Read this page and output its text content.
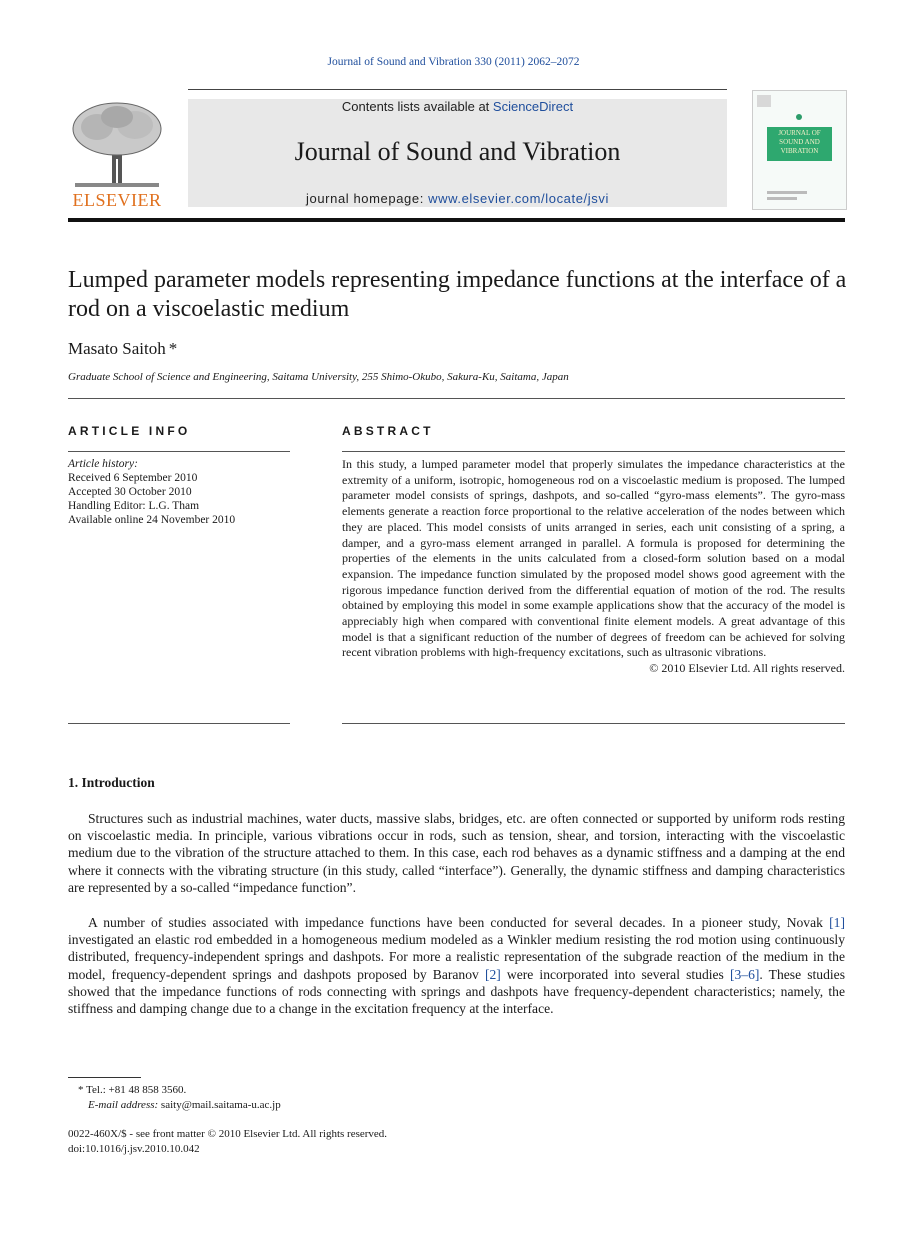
Journal of Sound and Vibration 330 (2011) 2062–2072
ELSEVIER
Contents lists available at ScienceDirect
Journal of Sound and Vibration
journal homepage: www.elsevier.com/locate/jsvi
JOURNAL OF SOUND AND VIBRATION
Lumped parameter models representing impedance functions at the interface of a rod on a viscoelastic medium
Masato Saitoh *
Graduate School of Science and Engineering, Saitama University, 255 Shimo-Okubo, Sakura-Ku, Saitama, Japan
ARTICLE INFO
Article history:
Received 6 September 2010
Accepted 30 October 2010
Handling Editor: L.G. Tham
Available online 24 November 2010
ABSTRACT
In this study, a lumped parameter model that properly simulates the impedance characteristics at the extremity of a uniform, isotropic, homogeneous rod on a viscoelastic medium is proposed. The lumped parameter model consists of springs, dashpots, and so-called “gyro-mass elements”. The gyro-mass elements generate a reaction force proportional to the relative acceleration of the nodes between which they are placed. This model consists of units arranged in series, each unit consisting of a spring, a damper, and a gyro-mass element arranged in parallel. A formula is proposed for determining the properties of the elements in the units calculated from a closed-form solution based on a modal expansion. The impedance function simulated by the proposed model shows good agreement with the rigorous impedance function derived from the differential equation of motion of the rod. The results obtained by employing this model in some example applications show that the accuracy of the model is appreciably high when compared with conventional finite element models. A great advantage of this model is that a significant reduction of the number of degrees of freedom can be achieved for solving recent vibration problems with high-frequency excitations, such as ultrasonic vibrations.
© 2010 Elsevier Ltd. All rights reserved.
1. Introduction
Structures such as industrial machines, water ducts, massive slabs, bridges, etc. are often connected or supported by uniform rods resting on viscoelastic media. In principle, various vibrations occur in rods, such as tension, shear, and torsion, interacting with the viscoelastic medium due to the vibration of the structure attached to them. In this case, each rod behaves as a dynamic stiffness and a damping at the end where it connects with the vibrating structure (in this study, called “interface”). Generally, the dynamic stiffness and damping characteristics are represented by a so-called “impedance function”.
A number of studies associated with impedance functions have been conducted for several decades. In a pioneer study, Novak [1] investigated an elastic rod embedded in a homogeneous medium modeled as a Winkler medium resisting the rod motion using continuously distributed, frequency-independent springs and dashpots. For more a realistic representation of the subgrade reaction of the medium in the model, frequency-dependent springs and dashpots proposed by Baranov [2] were incorporated into several studies [3–6]. These studies showed that the impedance functions of rods connecting with springs and dashpots have frequency-dependent characteristics; namely, the stiffness and damping change due to a change in the excitation frequency at the interface.
* Tel.: +81 48 858 3560.
E-mail address: saity@mail.saitama-u.ac.jp
0022-460X/$ - see front matter © 2010 Elsevier Ltd. All rights reserved.
doi:10.1016/j.jsv.2010.10.042
